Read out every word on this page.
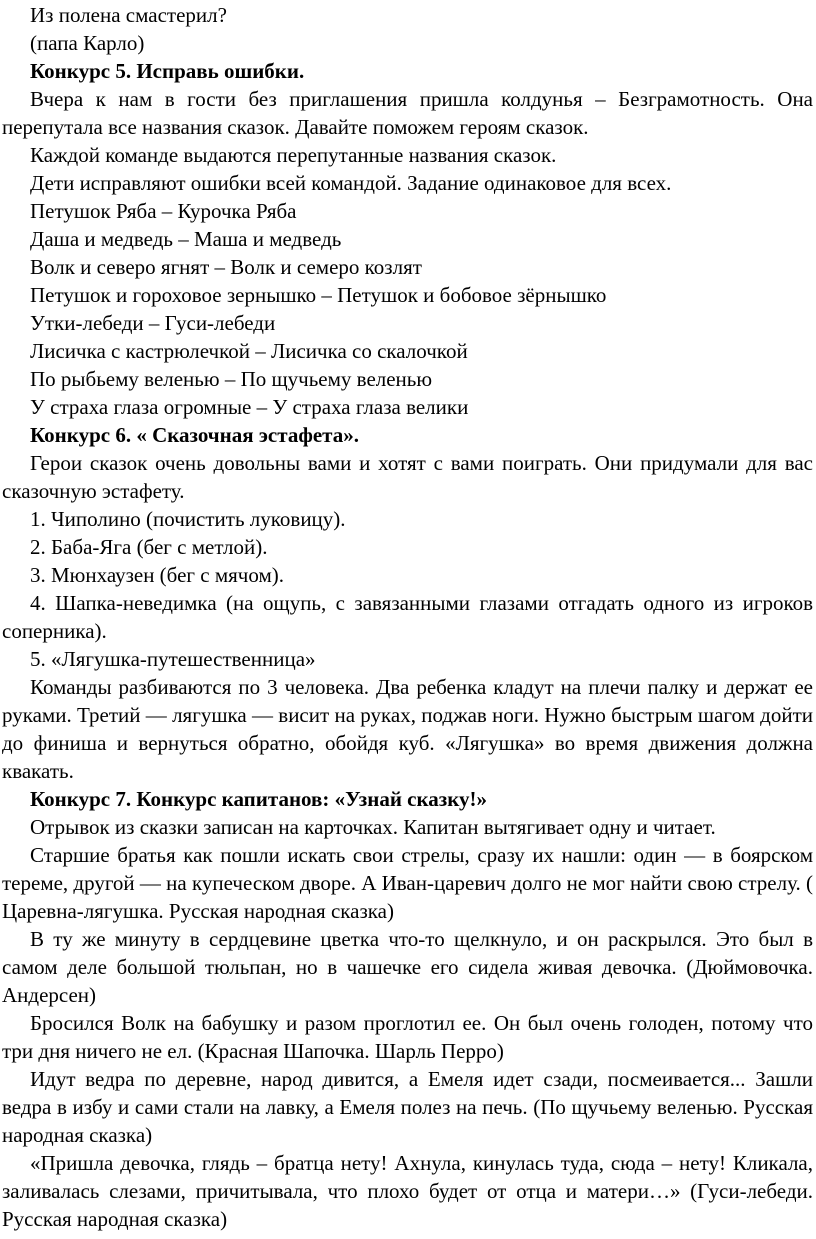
Из полена смастерил?

(папа Карло)

Конкурс 5. Исправь ошибки.

Вчера к нам в гости без приглашения пришла колдунья – Безграмотность. Она перепутала все названия сказок. Давайте поможем героям сказок.

Каждой команде выдаются перепутанные названия сказок.

Дети исправляют ошибки всей командой. Задание одинаковое для всех.

Петушок Ряба – Курочка Ряба

Даша и медведь – Маша и медведь

Волк и северо ягнят – Волк и семеро козлят

Петушок и гороховое зернышко – Петушок и бобовое зёрнышко

Утки-лебеди – Гуси-лебеди

Лисичка с кастрюлечкой – Лисичка со скалочкой

По рыбьему веленью – По щучьему веленью

У страха глаза огромные – У страха глаза велики

Конкурс 6. « Сказочная эстафета».

Герои сказок очень довольны вами и хотят с вами поиграть. Они придумали для вас сказочную эстафету.

1. Чиполино (почистить луковицу).

2. Баба-Яга (бег с метлой).

3. Мюнхаузен (бег с мячом).

4. Шапка-неведимка (на ощупь, с завязанными глазами отгадать одного из игроков соперника).

5. «Лягушка-путешественница»

Команды разбиваются по 3 человека. Два ребенка кладут на плечи палку и держат ее руками. Третий — лягушка — висит на руках, поджав ноги. Нужно быстрым шагом дойти до финиша и вернуться обратно, обойдя куб. «Лягушка» во время движения должна квакать.

Конкурс 7. Конкурс капитанов: «Узнай сказку!»

Отрывок из сказки записан на карточках. Капитан вытягивает одну и читает.

Старшие братья как пошли искать свои стрелы, сразу их нашли: один — в боярском тереме, другой — на купеческом дворе. А Иван-царевич долго не мог найти свою стрелу. ( Царевна-лягушка. Русская народная сказка)

В ту же минуту в сердцевине цветка что-то щелкнуло, и он раскрылся. Это был в самом деле большой тюльпан, но в чашечке его сидела живая девочка. (Дюймовочка. Андерсен)

Бросился Волк на бабушку и разом проглотил ее. Он был очень голоден, потому что три дня ничего не ел. (Красная Шапочка. Шарль Перро)

Идут ведра по деревне, народ дивится, а Емеля идет сзади, посмеивается... Зашли ведра в избу и сами стали на лавку, а Емеля полез на печь. (По щучьему веленью. Русская народная сказка)

«Пришла девочка, глядь – братца нету! Ахнула, кинулась туда, сюда – нету! Кликала, заливалась слезами, причитывала, что плохо будет от отца и матери…» (Гуси-лебеди. Русская народная сказка)
